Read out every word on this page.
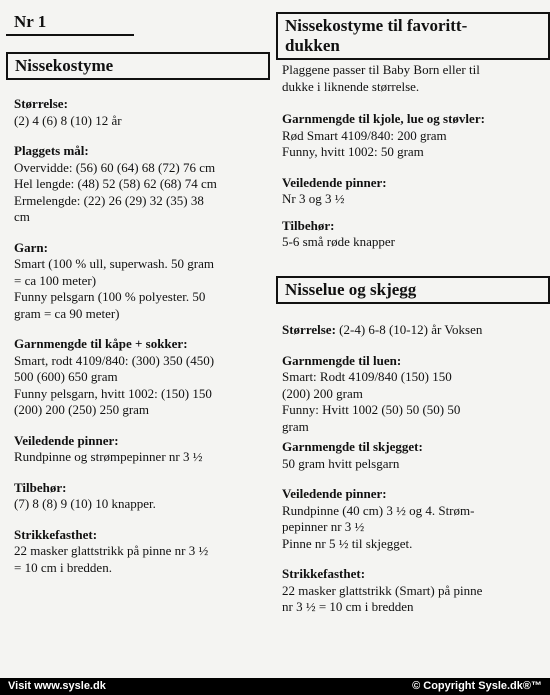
Nr 1
Nissekostyme
Størrelse:
(2) 4 (6) 8 (10) 12 år
Plaggets mål:
Overvidde: (56) 60 (64) 68 (72) 76 cm
Hel lengde: (48) 52 (58) 62 (68) 74 cm
Ermelengde: (22) 26 (29) 32 (35) 38
cm
Garn:
Smart (100 % ull, superwash. 50 gram
= ca 100 meter)
Funny pelsgarn (100 % polyester. 50
gram = ca 90 meter)
Garnmengde til kåpe + sokker:
Smart, rodt 4109/840: (300) 350 (450)
500 (600) 650 gram
Funny pelsgarn, hvitt 1002: (150) 150
(200) 200 (250) 250 gram
Veiledende pinner:
Rundpinne og strømpepinner nr 3 ½
Tilbehør:
(7) 8 (8) 9 (10) 10 knapper.
Strikkefasthet:
22 masker glattstrikk på pinne nr 3 ½
= 10 cm i bredden.
Nissekostyme til favoritt-
dukken
Plaggene passer til Baby Born eller til
dukke i liknende størrelse.
Garnmengde til kjole, lue og støvler:
Rød Smart 4109/840: 200 gram
Funny, hvitt 1002: 50 gram
Veiledende pinner:
Nr 3 og 3 ½
Tilbehør:
5-6 små røde knapper
Nisselue og skjegg
Størrelse: (2-4) 6-8 (10-12) år Voksen
Garnmengde til luen:
Smart: Rodt 4109/840 (150) 150
(200) 200 gram
Funny: Hvitt 1002 (50) 50 (50) 50
gram
Garnmengde til skjegget:
50 gram hvitt pelsgarn
Veiledende pinner:
Rundpinne (40 cm) 3 ½ og 4. Strøm-
pepinner nr 3 ½
Pinne nr 5 ½ til skjegget.
Strikkefasthet:
22 masker glattstrikk (Smart) på pinne
nr 3 ½ = 10 cm i bredden
Visit www.sysle.dk	© Copyright Sysle.dk®™
